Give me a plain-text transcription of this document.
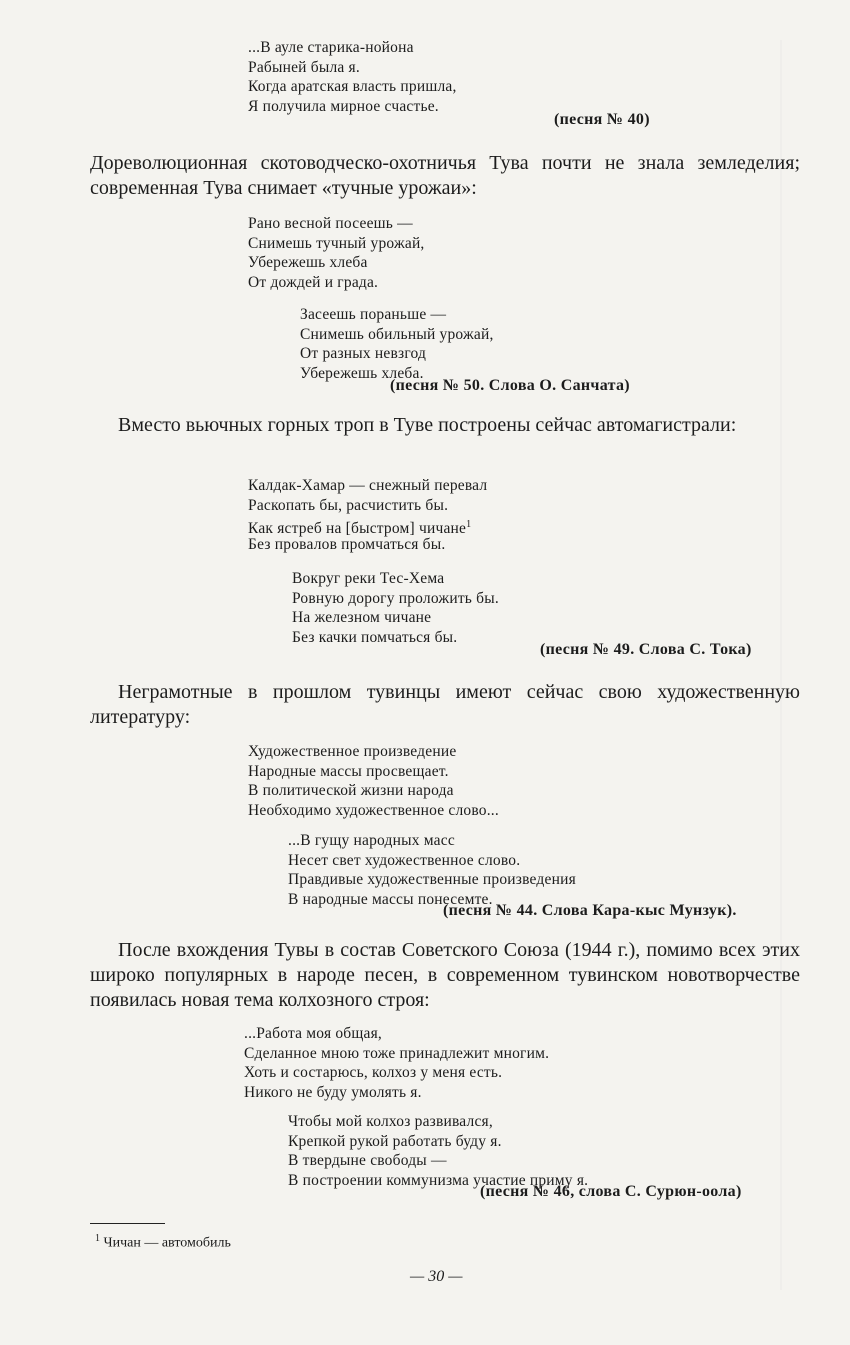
...В ауле старика-нойона
Рабыней была я.
Когда аратская власть пришла,
Я получила мирное счастье.
(песня № 40)
Дореволюционная скотоводческо-охотничья Тува почти не знала земледелия; современная Тува снимает «тучные урожаи»:
Рано весной посеешь —
Снимешь тучный урожай,
Убережешь хлеба
От дождей и града.
Засеешь пораньше —
Снимешь обильный урожай,
От разных невзгод
Убережешь хлеба.
(песня № 50. Слова О. Санчата)
Вместо вьючных горных троп в Туве построены сейчас автомагистрали:
Калдак-Хамар — снежный перевал
Раскопать бы, расчистить бы.
Как ястреб на [быстром] чичане$^1$
Без провалов промчаться бы.
Вокруг реки Тес-Хема
Ровную дорогу проложить бы.
На железном чичане
Без качки помчаться бы.
(песня № 49. Слова С. Тока)
Неграмотные в прошлом тувинцы имеют сейчас свою художественную литературу:
Художественное произведение
Народные массы просвещает.
В политической жизни народа
Необходимо художественное слово...
...В гущу народных масс
Несет свет художественное слово.
Правдивые художественные произведения
В народные массы понесемте.
(песня № 44. Слова Кара-кыс Мунзук).
После вхождения Тувы в состав Советского Союза (1944 г.), помимо всех этих широко популярных в народе песен, в современном тувинском новотворчестве появилась новая тема колхозного строя:
...Работа моя общая,
Сделанное мною тоже принадлежит многим.
Хоть и состарюсь, колхоз у меня есть.
Никого не буду умолять я.
Чтобы мой колхоз развивался,
Крепкой рукой работать буду я.
В твердыне свободы —
В построении коммунизма участие приму я.
(песня № 46, слова С. Сурюн-оола)
$^1$ Чичан — автомобиль
— 30 —
